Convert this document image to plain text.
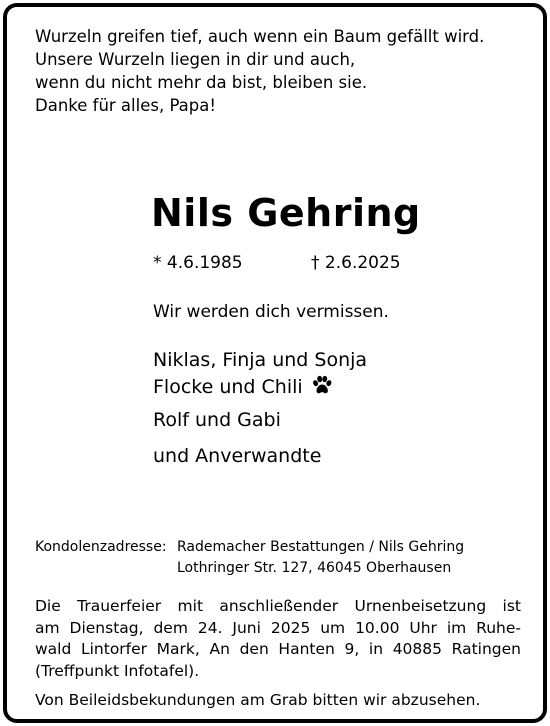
Wurzeln greifen tief, auch wenn ein Baum gefällt wird.
Unsere Wurzeln liegen in dir und auch,
wenn du nicht mehr da bist, bleiben sie.
Danke für alles, Papa!
Nils Gehring
* 4.6.1985	† 2.6.2025
Wir werden dich vermissen.
Niklas, Finja und Sonja
Flocke und Chili
Rolf und Gabi
und Anverwandte
Kondolenzadresse: Rademacher Bestattungen / Nils Gehring
Lothringer Str. 127, 46045 Oberhausen
Die Trauerfeier mit anschließender Urnenbeisetzung ist
am Dienstag, dem 24. Juni 2025 um 10.00 Uhr im Ruhe-
wald Lintorfer Mark, An den Hanten 9, in 40885 Ratingen
(Treffpunkt Infotafel).
Von Beileidsbekundungen am Grab bitten wir abzusehen.
